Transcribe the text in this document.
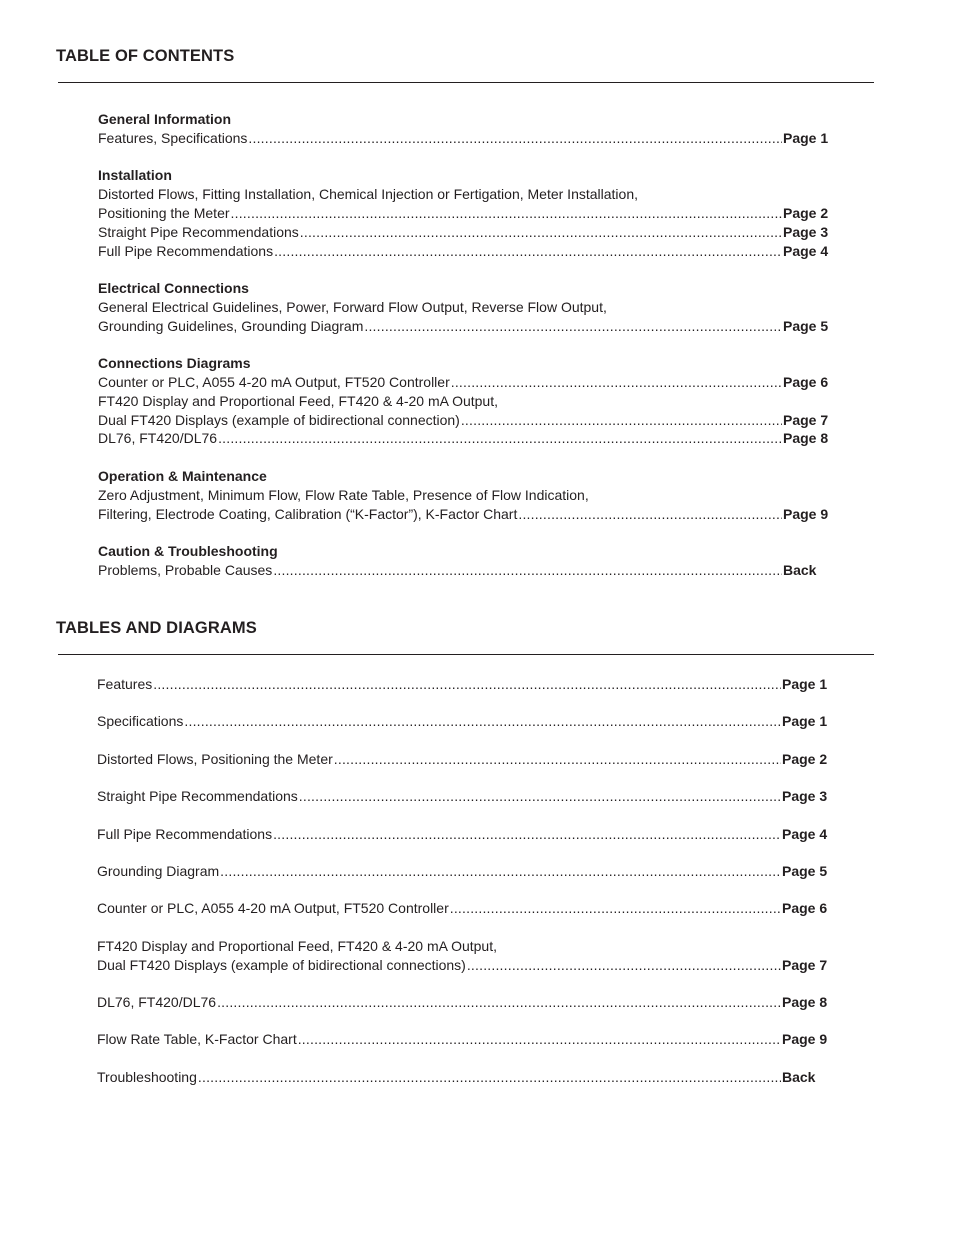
TABLE OF CONTENTS
General Information
Features, Specifications .....	Page 1
Installation
Distorted Flows, Fitting Installation, Chemical Injection or Fertigation, Meter Installation,
Positioning the Meter .....	Page 2
Straight Pipe Recommendations .....	Page 3
Full Pipe Recommendations .....	Page 4
Electrical Connections
General Electrical Guidelines, Power, Forward Flow Output, Reverse Flow Output,
Grounding Guidelines, Grounding Diagram .....	Page 5
Connections Diagrams
Counter or PLC, A055 4-20 mA Output, FT520 Controller .....	Page 6
FT420 Display and Proportional Feed, FT420 & 4-20 mA Output,
Dual FT420 Displays (example of bidirectional connection) .....	Page 7
DL76, FT420/DL76 .....	Page 8
Operation & Maintenance
Zero Adjustment, Minimum Flow, Flow Rate Table, Presence of Flow Indication,
Filtering, Electrode Coating, Calibration (“K-Factor”), K-Factor Chart .....	Page 9
Caution & Troubleshooting
Problems, Probable Causes .....	Back
TABLES AND DIAGRAMS
Features .....	Page 1
Specifications .....	Page 1
Distorted Flows, Positioning the Meter .....	Page 2
Straight Pipe Recommendations .....	Page 3
Full Pipe Recommendations .....	Page 4
Grounding Diagram .....	Page 5
Counter or PLC, A055 4-20 mA Output, FT520 Controller .....	Page 6
FT420 Display and Proportional Feed, FT420 & 4-20 mA Output,
Dual FT420 Displays (example of bidirectional connections) .....	Page 7
DL76, FT420/DL76 .....	Page 8
Flow Rate Table, K-Factor Chart .....	Page 9
Troubleshooting .....	Back
